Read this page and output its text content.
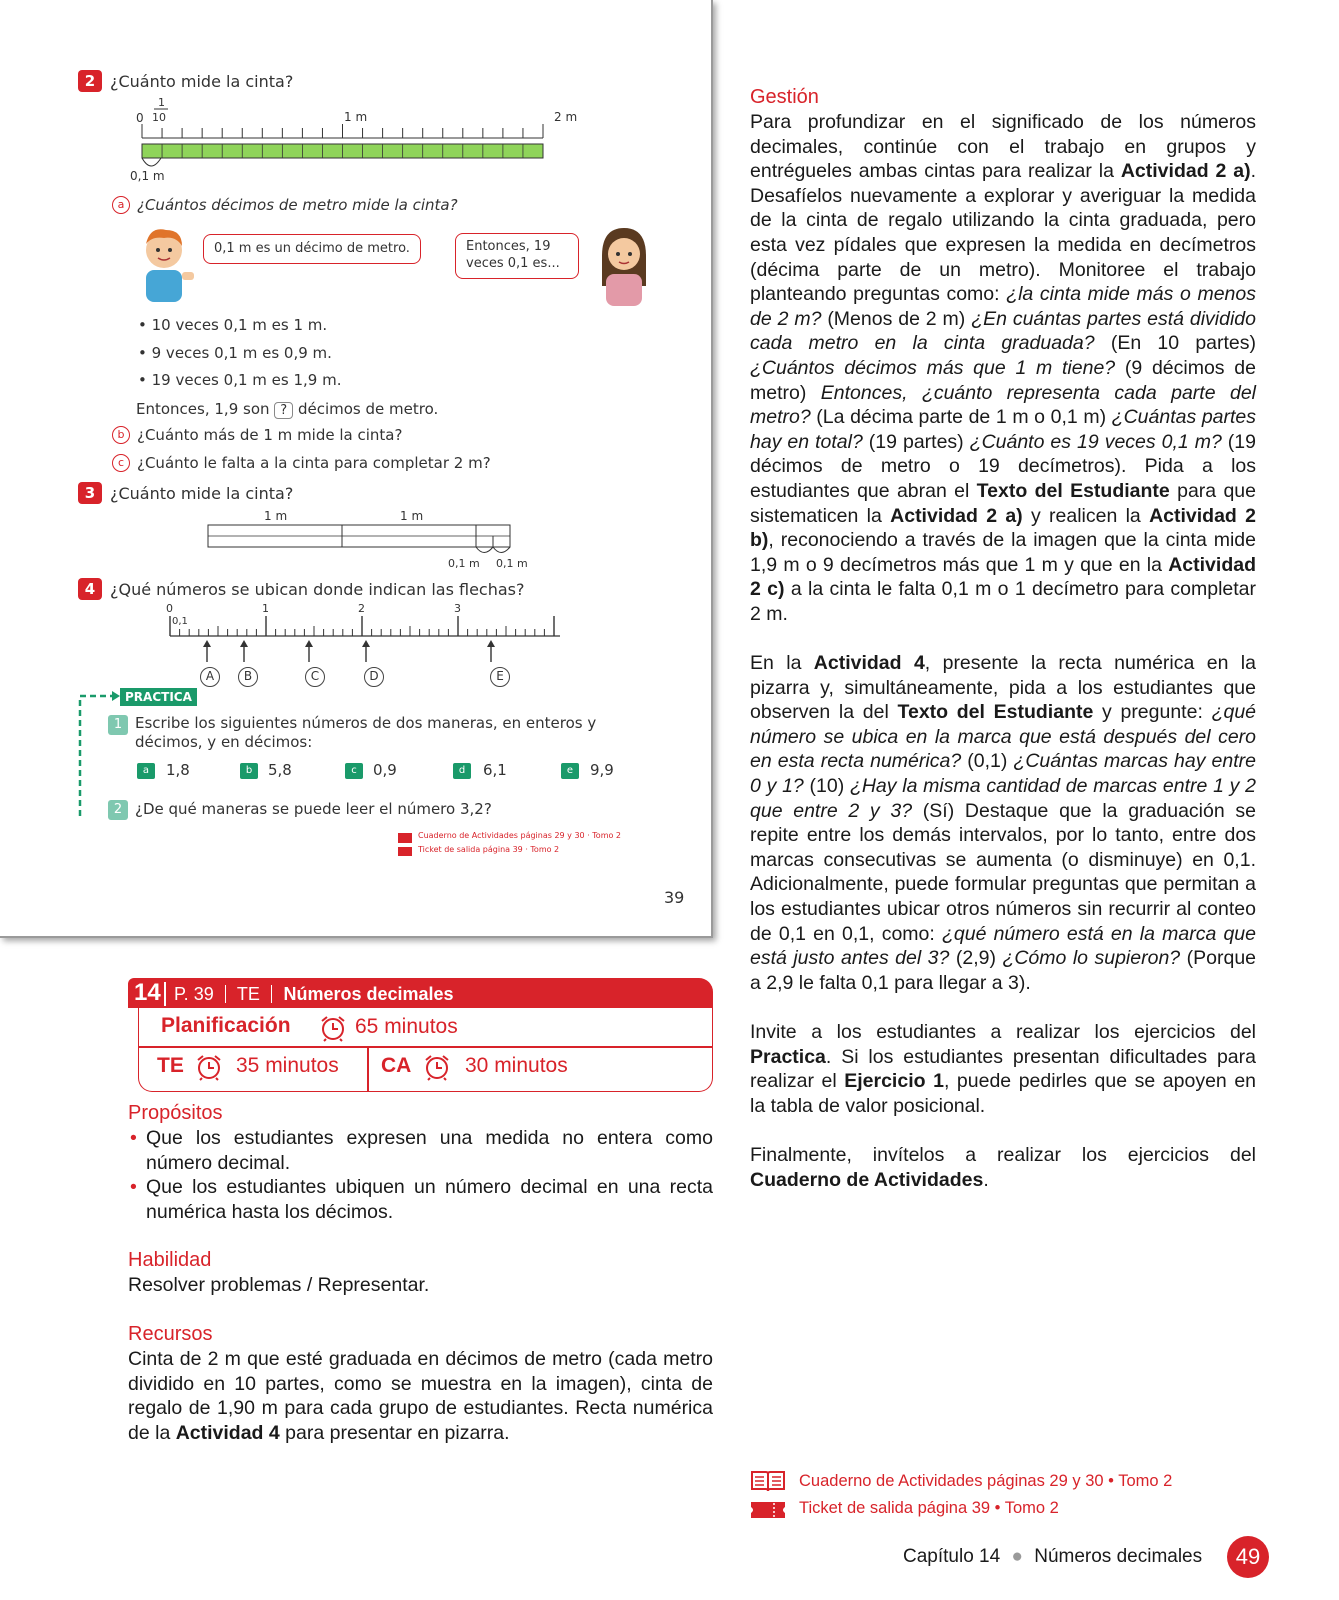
2 ¿Cuánto mide la cinta?
0
1
10	1 m	2 m
0,1 m
a ¿Cuántos décimos de metro mide la cinta?
0,1 m es un décimo de metro.	Entonces, 19
veces 0,1 es...
• 10 veces 0,1 m es 1 m.
• 9 veces 0,1 m es 0,9 m.
• 19 veces 0,1 m es 1,9 m.
Entonces, 1,9 son ? décimos de metro.
b ¿Cuánto más de 1 m mide la cinta?
c ¿Cuánto le falta a la cinta para completar 2 m?
3 ¿Cuánto mide la cinta?
1 m	1 m
0,1 m 0,1 m
4 ¿Qué números se ubican donde indican las flechas?
0	1	2	3
0,1
A	B	C	D	E
PRACTICA
1 Escribe los siguientes números de dos maneras, en enteros y
décimos, y en décimos:
a	1,8	b	5,8	c	0,9	d	6,1	e	9,9
2 ¿De qué maneras se puede leer el número 3,2?
Cuaderno de Actividades páginas 29 y 30 · Tomo 2
Ticket de salida página 39 · Tomo 2
39
14 P. 39 TE Números decimales
Planificación	65 minutos
TE 35 minutos CA	30 minutos
Propósitos
• Que los estudiantes expresen una medida no entera como número decimal.
• Que los estudiantes ubiquen un número decimal en una recta numérica hasta los décimos.
Habilidad
Resolver problemas / Representar.
Recursos
Cinta de 2 m que esté graduada en décimos de metro (cada metro dividido en 10 partes, como se muestra en la imagen), cinta de regalo de 1,90 m para cada grupo de estudiantes. Recta numérica de la Actividad 4 para presentar en pizarra.
Gestión

Para profundizar en el significado de los números decimales, continúe con el trabajo en grupos y entrégueles ambas cintas para realizar la Actividad 2 a). Desafíelos nuevamente a explorar y averiguar la medida de la cinta de regalo utilizando la cinta graduada, pero esta vez pídales que expresen la medida en decímetros (décima parte de un metro). Monitoree el trabajo planteando preguntas como: ¿la cinta mide más o menos de 2 m? (Menos de 2 m) ¿En cuántas partes está dividido cada metro en la cinta graduada? (En 10 partes) ¿Cuántos décimos más que 1 m tiene? (9 décimos de metro) Entonces, ¿cuánto representa cada parte del metro? (La décima parte de 1 m o 0,1 m) ¿Cuántas partes hay en total? (19 partes) ¿Cuánto es 19 veces 0,1 m? (19 décimos de metro o 19 decímetros). Pida a los estudiantes que abran el Texto del Estudiante para que sistematicen la Actividad 2 a) y realicen la Actividad 2 b), reconociendo a través de la imagen que la cinta mide 1,9 m o 9 decímetros más que 1 m y que en la Actividad 2 c) a la cinta le falta 0,1 m o 1 decímetro para completar 2 m.

En la Actividad 4, presente la recta numérica en la pizarra y, simultáneamente, pida a los estudiantes que observen la del Texto del Estudiante y pregunte: ¿qué número se ubica en la marca que está después del cero en esta recta numérica? (0,1) ¿Cuántas marcas hay entre 0 y 1? (10) ¿Hay la misma cantidad de marcas entre 1 y 2 que entre 2 y 3? (Sí) Destaque que la graduación se repite entre los demás intervalos, por lo tanto, entre dos marcas consecutivas se aumenta (o disminuye) en 0,1. Adicionalmente, puede formular preguntas que permitan a los estudiantes ubicar otros números sin recurrir al conteo de 0,1 en 0,1, como: ¿qué número está en la marca que está justo antes del 3? (2,9) ¿Cómo lo supieron? (Porque a 2,9 le falta 0,1 para llegar a 3).

Invite a los estudiantes a realizar los ejercicios del Practica. Si los estudiantes presentan dificultades para realizar el Ejercicio 1, puede pedirles que se apoyen en la tabla de valor posicional.

Finalmente, invítelos a realizar los ejercicios del Cuaderno de Actividades.

Cuaderno de Actividades páginas 29 y 30 • Tomo 2
Ticket de salida página 39 • Tomo 2
Capítulo 14 ● Números decimales	49
